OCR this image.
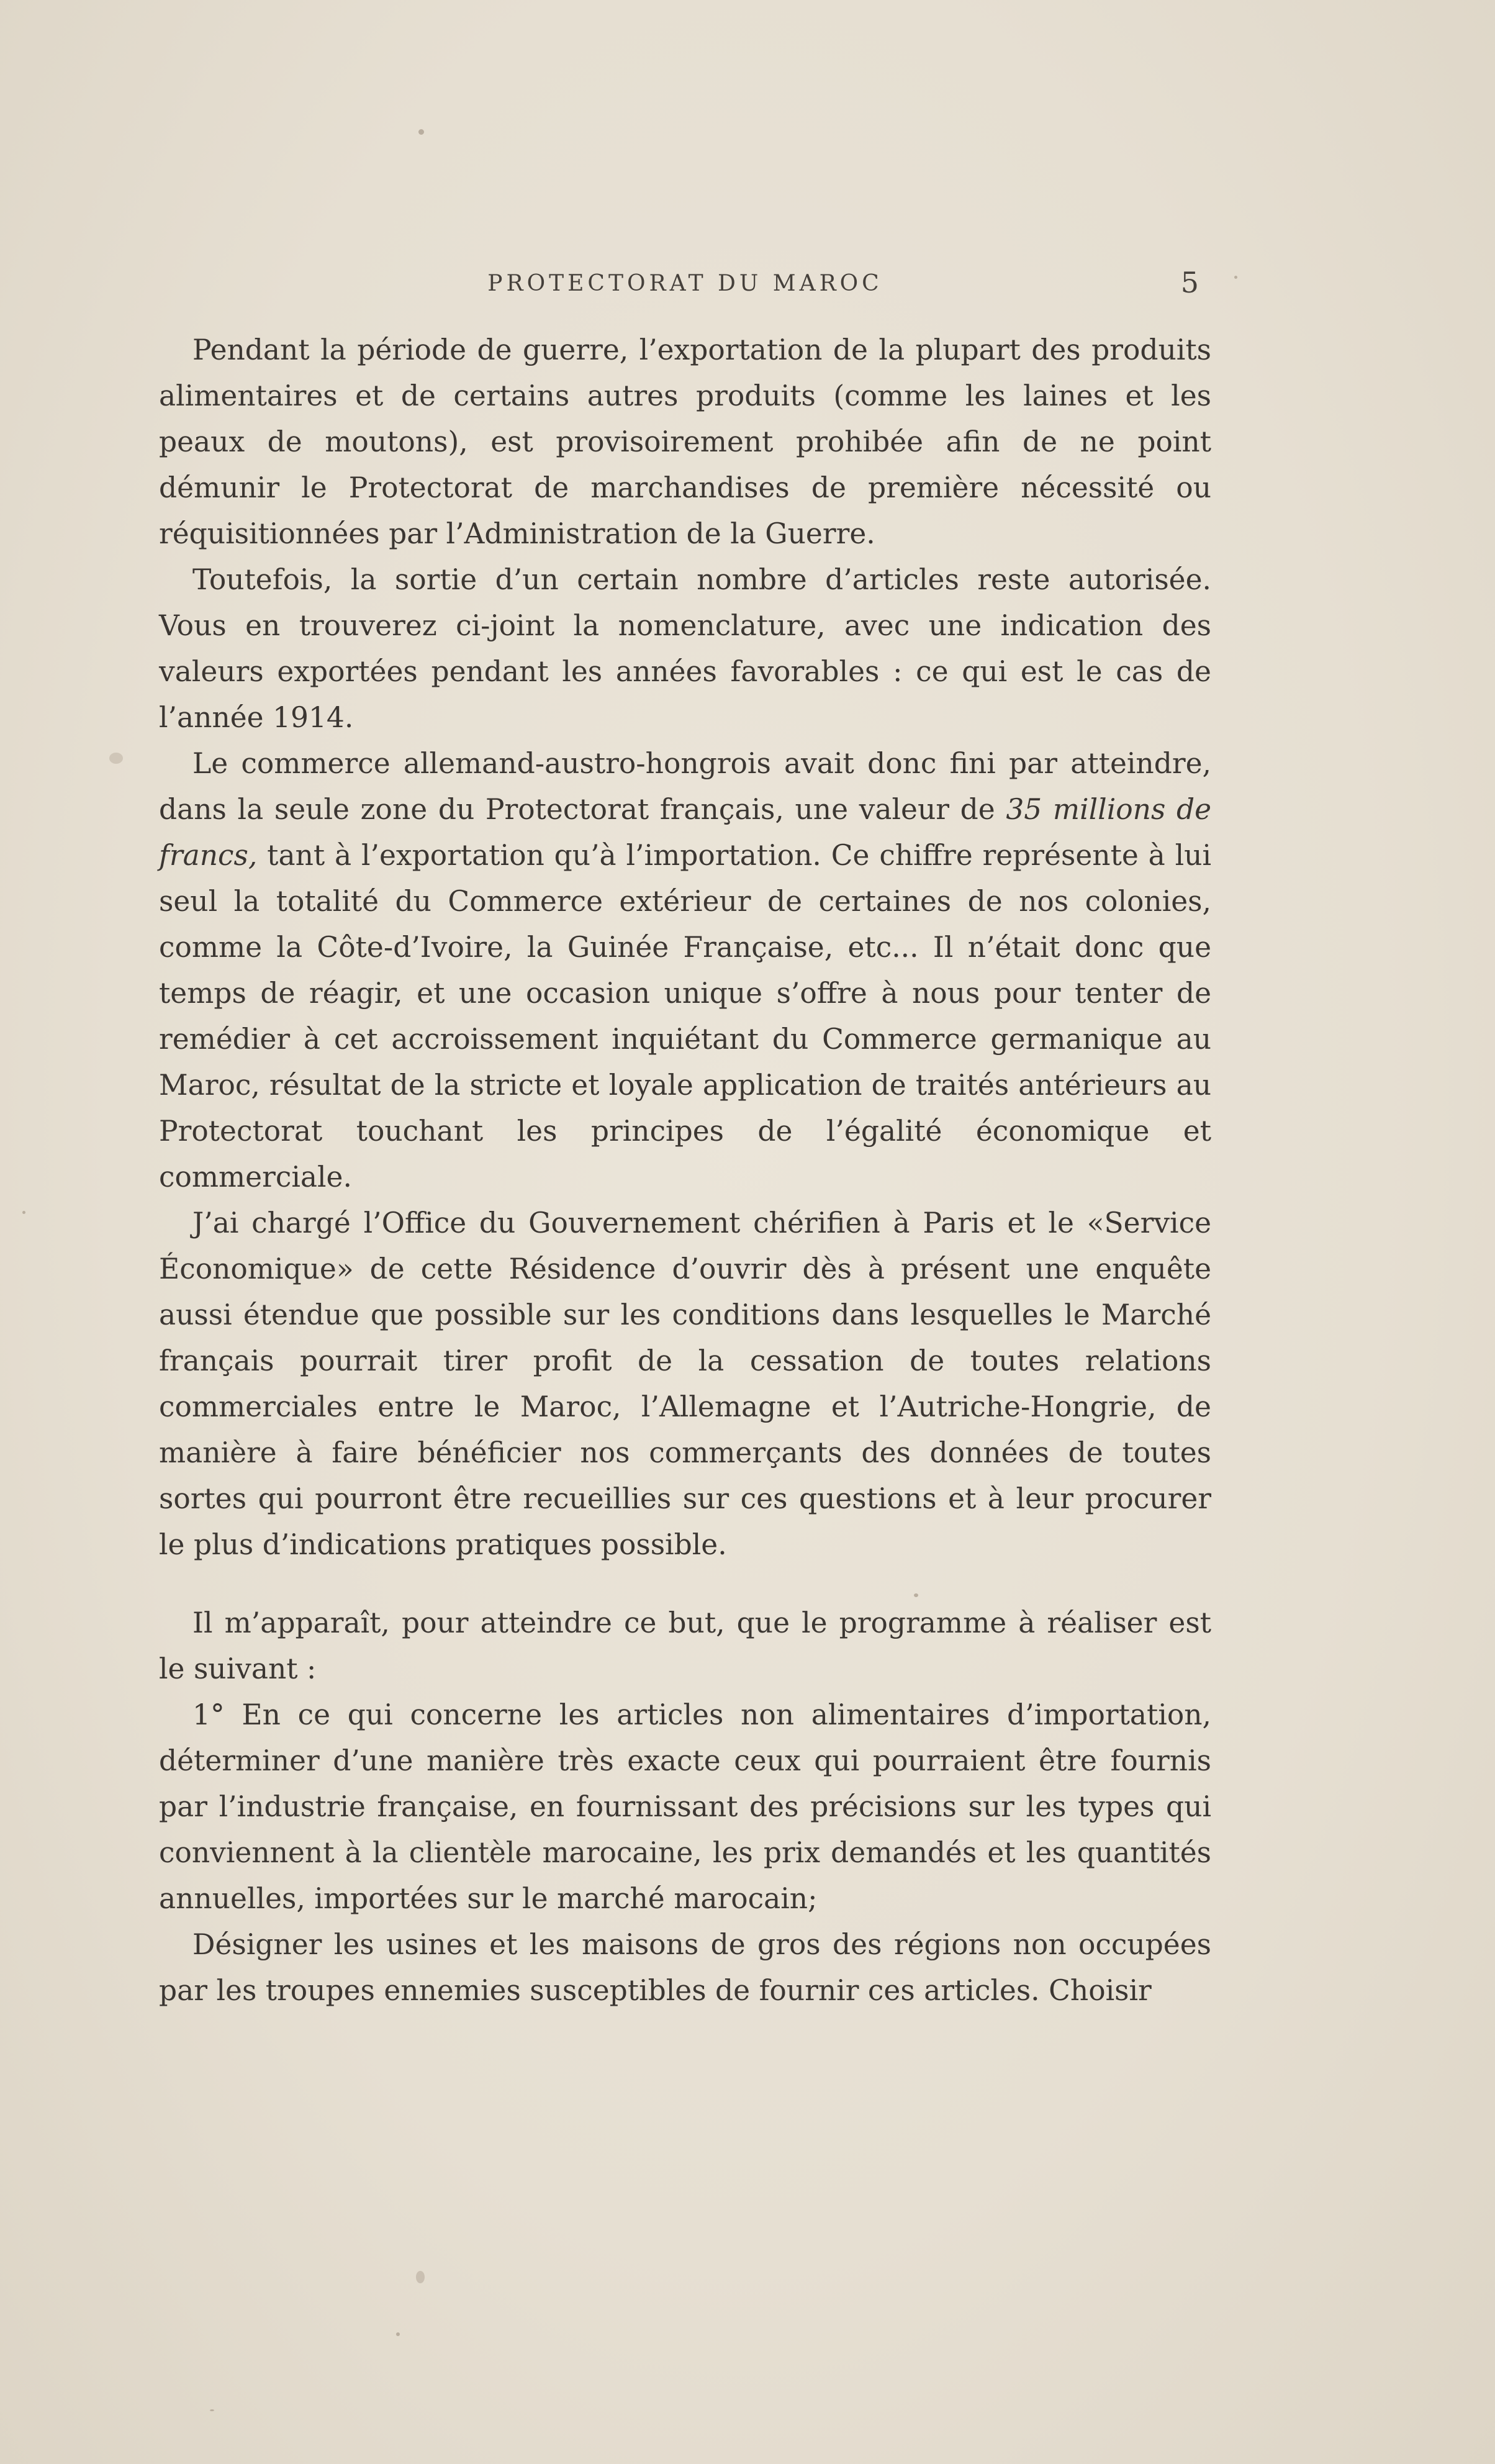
PROTECTORAT DU MAROC	5

Pendant la période de guerre, l’exportation de la plupart des produits alimentaires et de certains autres produits (comme les laines et les peaux de moutons), est provisoirement prohibée afin de ne point démunir le Protectorat de marchandises de première nécessité ou réquisitionnées par l’Administration de la Guerre.

Toutefois, la sortie d’un certain nombre d’articles reste autorisée. Vous en trouverez ci-joint la nomenclature, avec une indication des valeurs exportées pendant les années favorables : ce qui est le cas de l’année 1914.

Le commerce allemand-austro-hongrois avait donc fini par atteindre, dans la seule zone du Protectorat français, une valeur de 35 millions de francs, tant à l’exportation qu’à l’importation. Ce chiffre représente à lui seul la totalité du Commerce extérieur de certaines de nos colonies, comme la Côte-d’Ivoire, la Guinée Française, etc... Il n’était donc que temps de réagir, et une occasion unique s’offre à nous pour tenter de remédier à cet accroissement inquiétant du Commerce germanique au Maroc, résultat de la stricte et loyale application de traités antérieurs au Protectorat touchant les principes de l’égalité économique et commerciale.

J’ai chargé l’Office du Gouvernement chérifien à Paris et le «Service Économique» de cette Résidence d’ouvrir dès à présent une enquête aussi étendue que possible sur les conditions dans lesquelles le Marché français pourrait tirer profit de la cessation de toutes relations commerciales entre le Maroc, l’Allemagne et l’Autriche-Hongrie, de manière à faire bénéficier nos commerçants des données de toutes sortes qui pourront être recueillies sur ces questions et à leur procurer le plus d’indications pratiques possible.

Il m’apparaît, pour atteindre ce but, que le programme à réaliser est le suivant :

1° En ce qui concerne les articles non alimentaires d’importation, déterminer d’une manière très exacte ceux qui pourraient être fournis par l’industrie française, en fournissant des précisions sur les types qui conviennent à la clientèle marocaine, les prix demandés et les quantités annuelles, importées sur le marché marocain;

Désigner les usines et les maisons de gros des régions non occupées par les troupes ennemies susceptibles de fournir ces articles. Choisir
